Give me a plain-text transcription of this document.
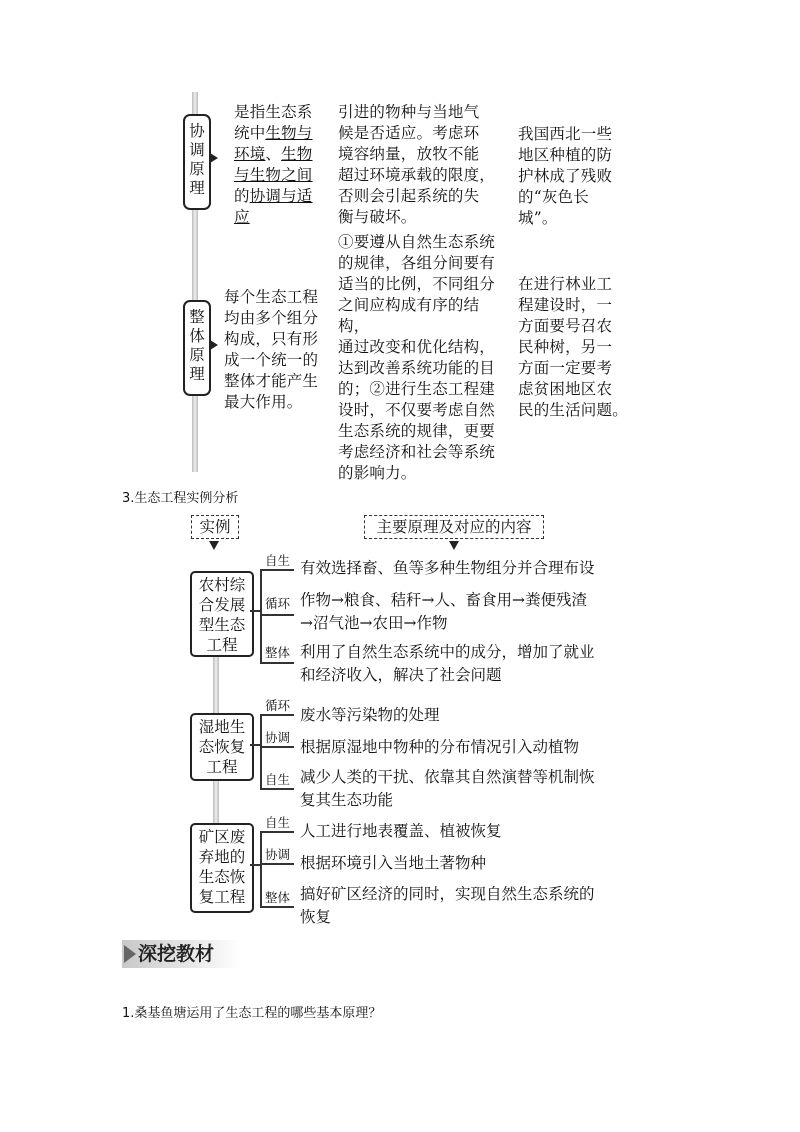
协
调
原
理
是指生态系
统中生物与
环境、生物
与生物之间
的协调与适
应
引进的物种与当地气
候是否适应。考虑环
境容纳量，放牧不能
超过环境承载的限度，
否则会引起系统的失
衡与破坏。
我国西北一些
地区种植的防
护林成了残败
的“灰色长城”。
整
体
原
理
每个生态工程
均由多个组分
构成，只有形
成一个统一的
整体才能产生
最大作用。
①要遵从自然生态系统
的规律，各组分间要有
适当的比例，不同组分
之间应构成有序的结构，
通过改变和优化结构，
达到改善系统功能的目
的；②进行生态工程建
设时，不仅要考虑自然
生态系统的规律，更要
考虑经济和社会等系统
的影响力。
在进行林业工
程建设时，一
方面要号召农
民种树，另一
方面一定要考
虑贫困地区农
民的生活问题。
3.生态工程实例分析
实例	主要原理及对应的内容
农村综
合发展
型生态
工程
自生 有效选择畜、鱼等多种生物组分并合理布设
循环 作物→粮食、秸秆→人、畜食用→粪便残渣
→沼气池→农田→作物
整体 利用了自然生态系统中的成分，增加了就业
和经济收入，解决了社会问题
湿地生
态恢复
工程
循环
废水等污染物的处理
协调
根据原湿地中物种的分布情况引入动植物
自生 减少人类的干扰、依靠其自然演替等机制恢
复其生态功能
矿区废
弃地的
生态恢
复工程
自生 人工进行地表覆盖、植被恢复
协调 根据环境引入当地土著物种
整体 搞好矿区经济的同时，实现自然生态系统的
恢复
深挖教材
1.桑基鱼塘运用了生态工程的哪些基本原理？
